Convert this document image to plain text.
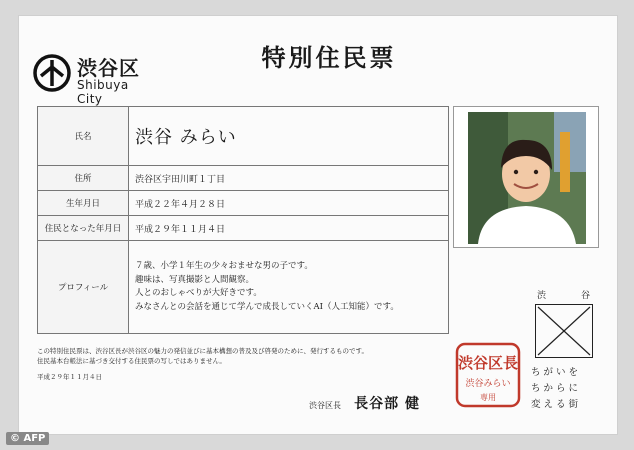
渋谷区
Shibuya City
特別住民票
氏名	渋谷 みらい
住所	渋谷区宇田川町１丁目
生年月日	平成２２年４月２８日
住民となった年月日	平成２９年１１月４日
プロフィール	７歳、小学１年生の少々おませな男の子です。
趣味は、写真撮影と人間観察。
人とのおしゃべりが大好きです。
みなさんとの会話を通じて学んで成長していくAI（人工知能）です。
この特別住民票は、渋谷区長が渋谷区の魅力の発信並びに基本構想の普及及び啓発のために、発行するものです。
住民基本台帳法に基づき交付する住民票の写しではありません。
平成２９年１１月４日
渋谷区長 長谷部 健
渋谷区長
渋谷みらい
専用
渋	谷
ちがいを
ちからに
変える街
© AFP
